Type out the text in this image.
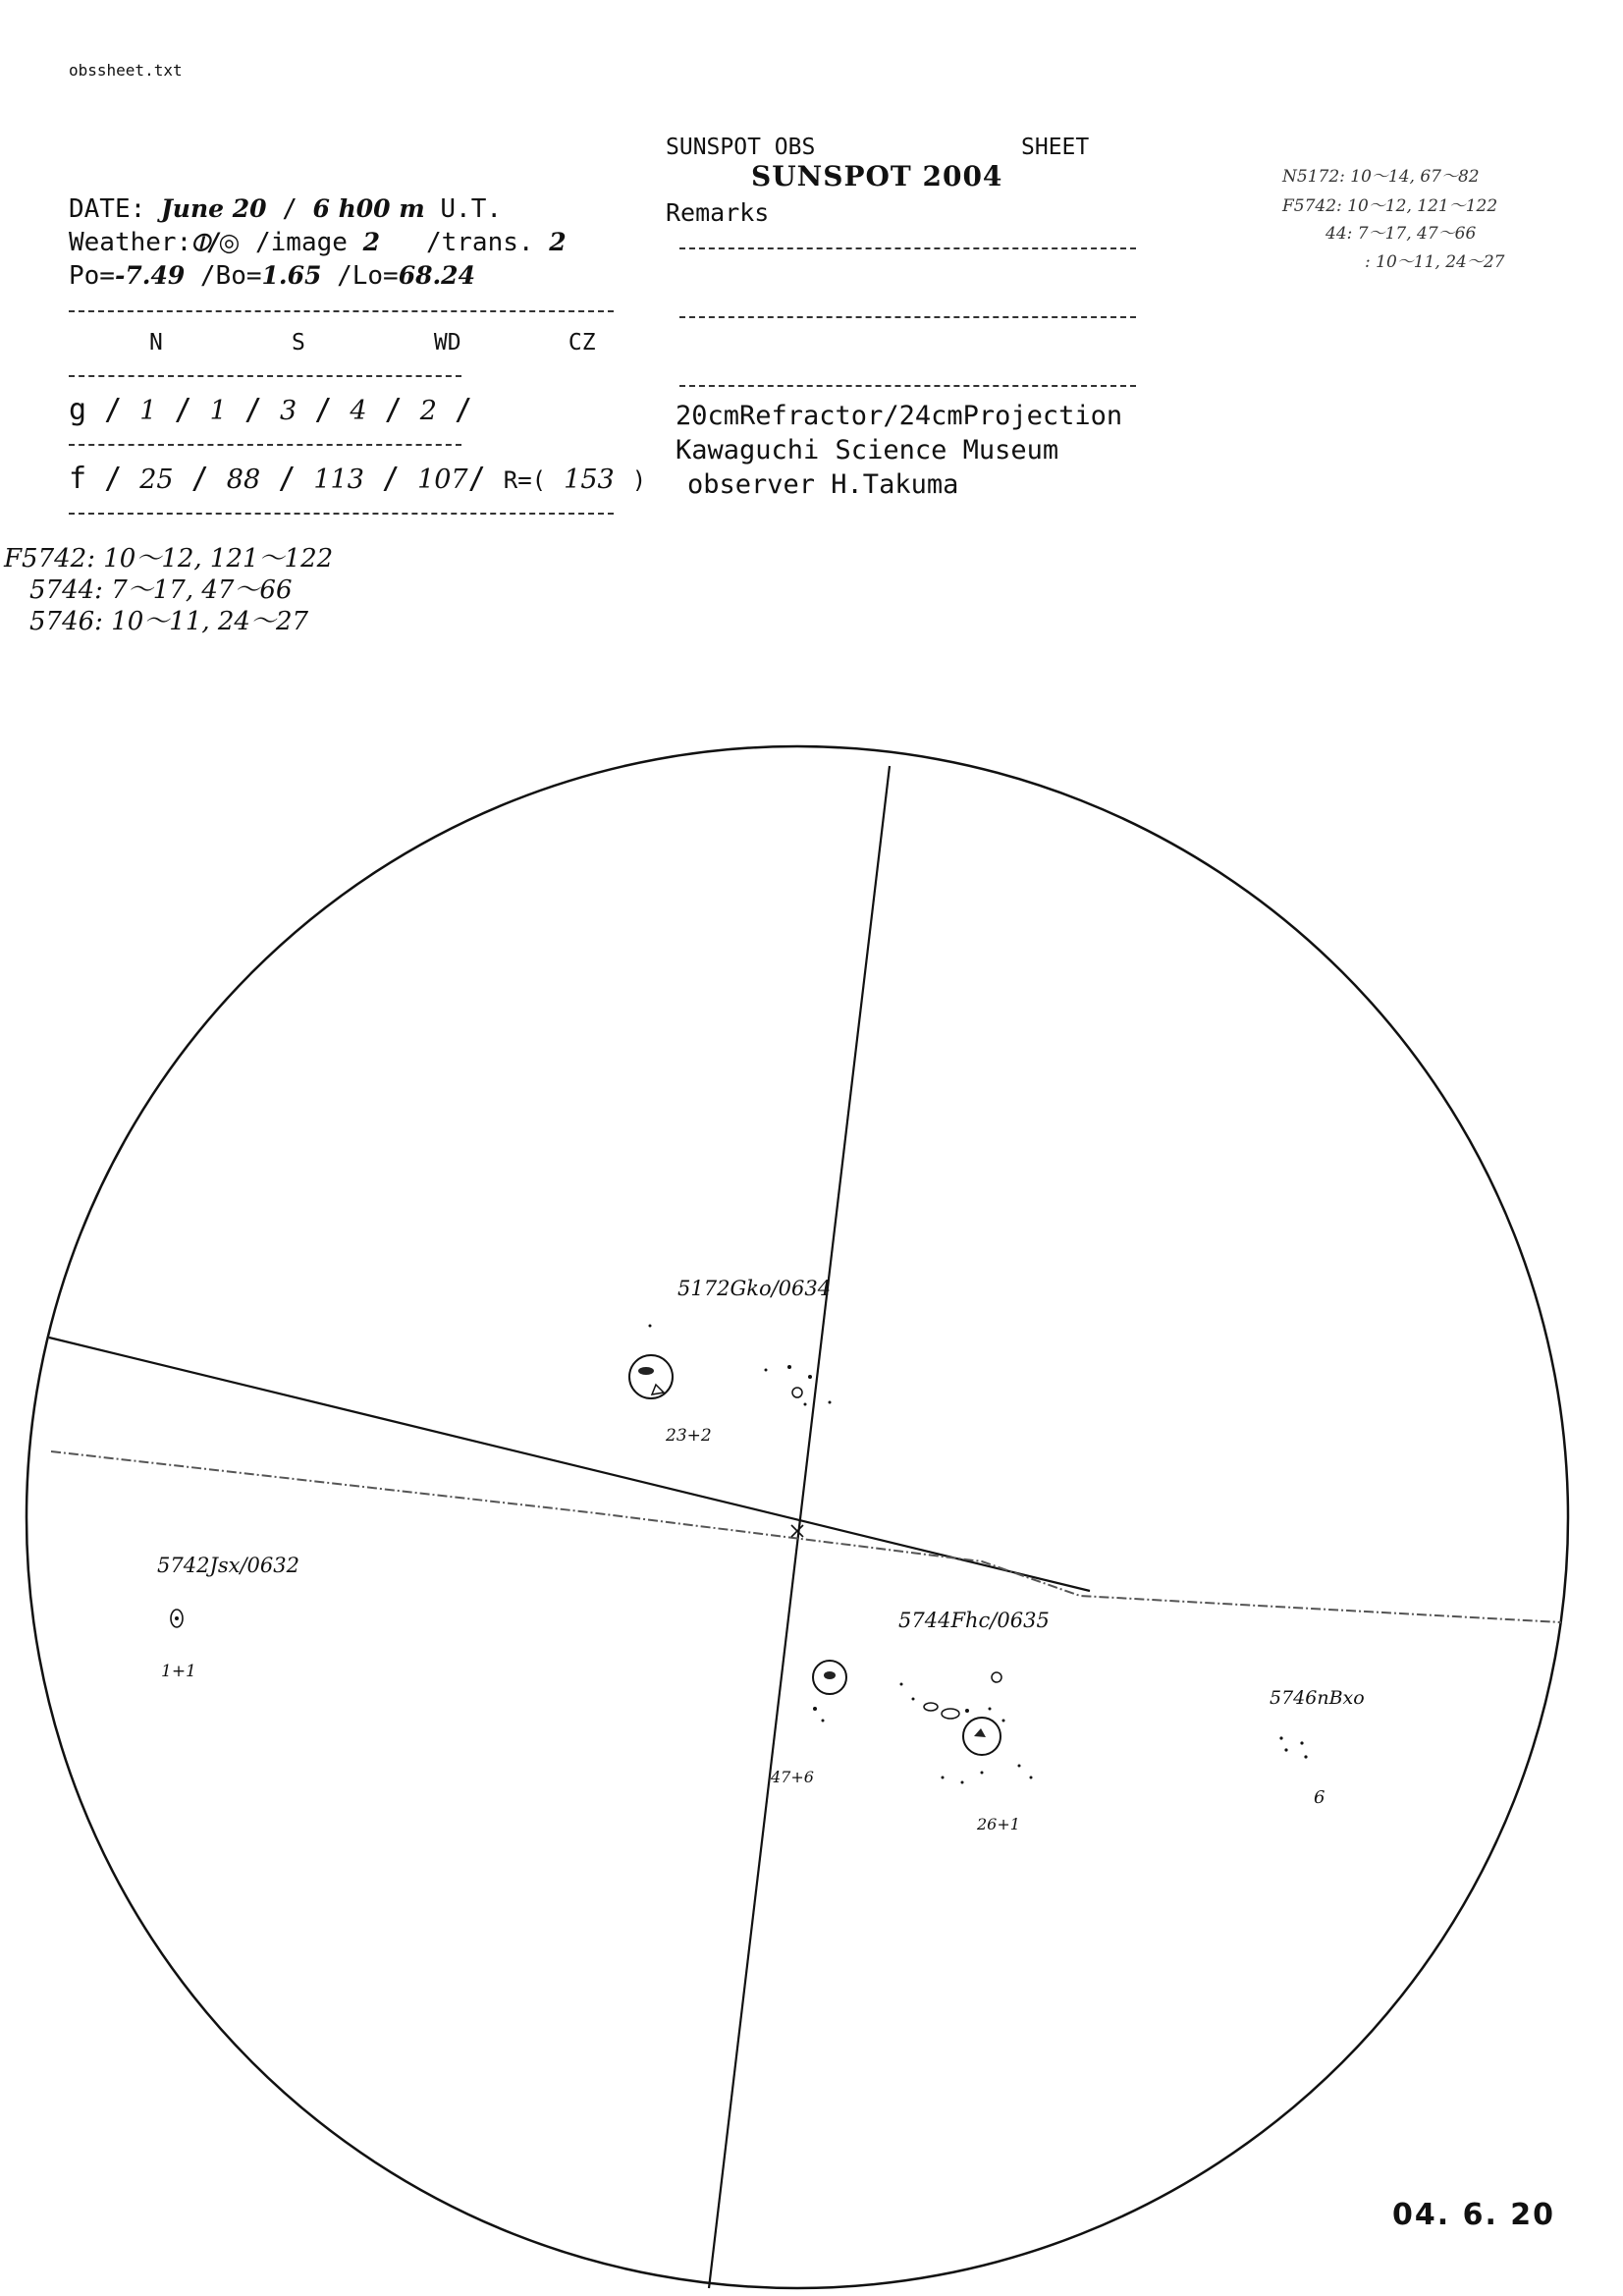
obssheet.txt
SUNSPOT OBS	SHEET
SUNSPOT 2004
Remarks
DATE: June 20 / 6 h00 m U.T.
Weather:⦶/◎ /image 2 /trans. 2
Po=-7.49 /Bo=1.65 /Lo=68.24
N	S	WD	CZ
g / 1 / 1 / 3 / 4 / 2 /
f / 25 / 88 / 113 / 107/ R=( 153 )
20cmRefractor/24cmProjection
Kawaguchi Science Museum
observer H.Takuma
F5742: 10～12, 121～122
5744: 7～17, 47～66
5746: 10～11, 24～27
N5172: 10～14, 67～82
F5742: 10～12, 121～122
44: 7～17, 47～66
: 10～11, 24～27
5172Gko/0634
23+2
5742Jsx/0632
1+1
5744Fhc/0635
47+6
26+1
5746nBxo
6
04. 6. 20
